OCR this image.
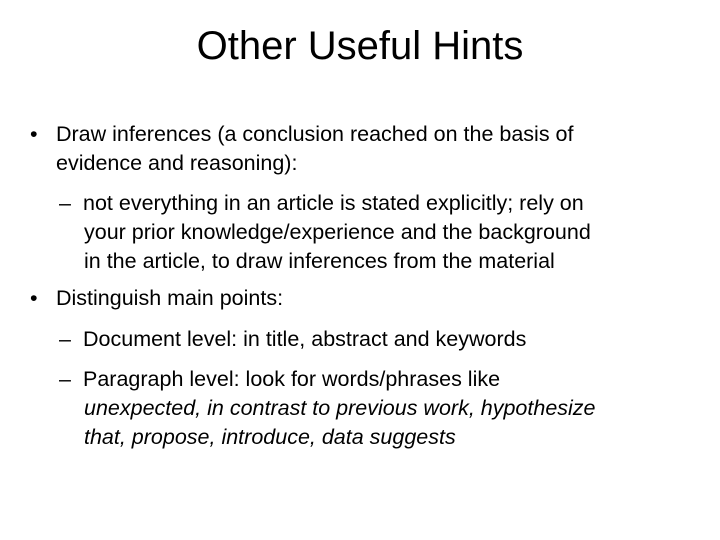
Other Useful Hints
• Draw inferences (a conclusion reached on the basis of
evidence and reasoning):
– not everything in an article is stated explicitly; rely on
your prior knowledge/experience and the background
in the article, to draw inferences from the material
• Distinguish main points:
– Document level: in title, abstract and keywords
– Paragraph level: look for words/phrases like
unexpected, in contrast to previous work, hypothesize
that, propose, introduce, data suggests
